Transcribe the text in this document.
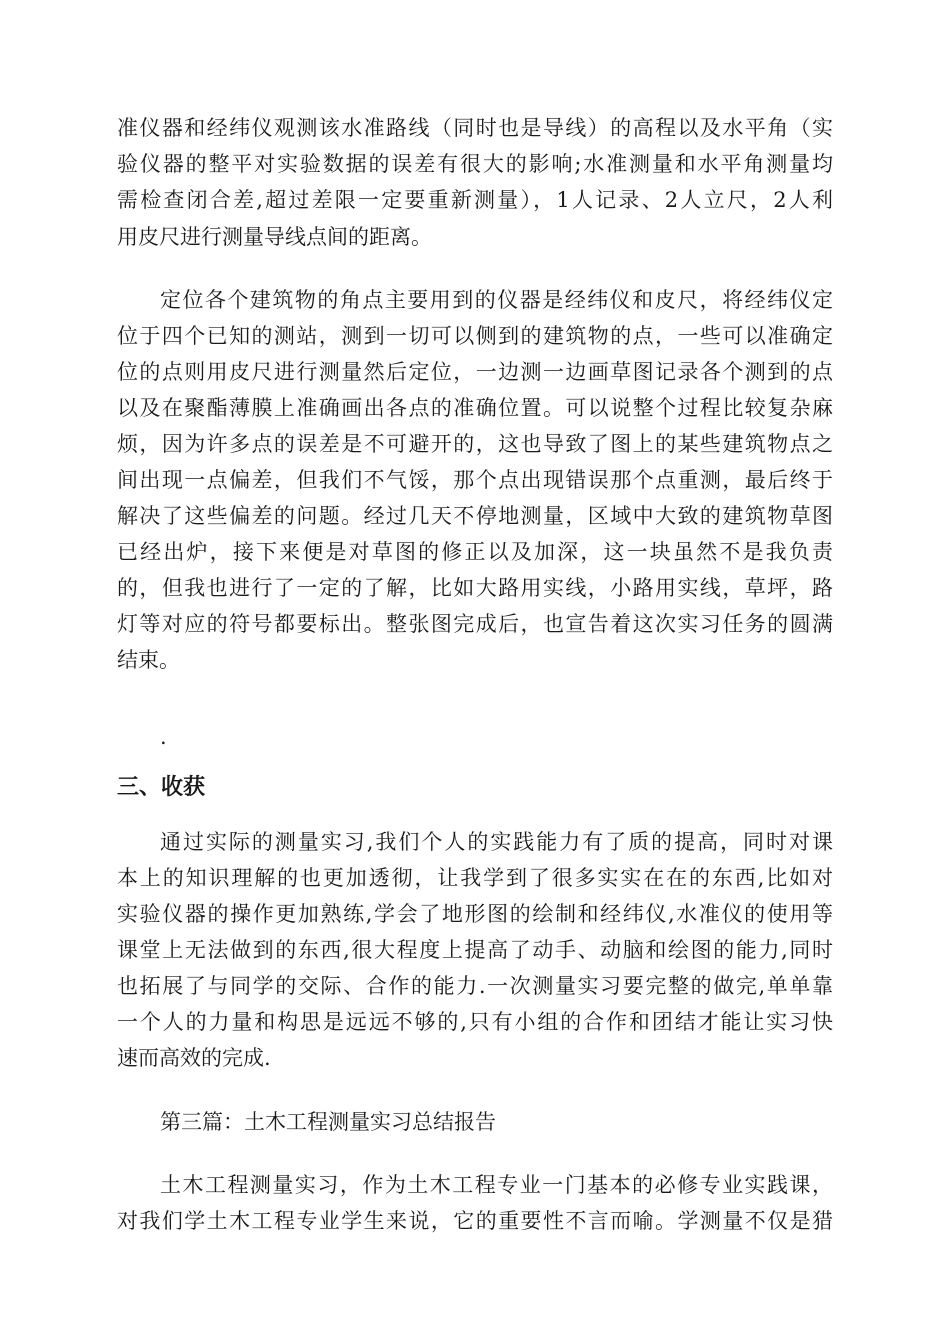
准仪器和经纬仪观测该水准路线（同时也是导线）的高程以及水平角（实
验仪器的整平对实验数据的误差有很大的影响;水准测量和水平角测量均
需检查闭合差,超过差限一定要重新测量），1人记录、2人立尺，2人利
用皮尺进行测量导线点间的距离。
定位各个建筑物的角点主要用到的仪器是经纬仪和皮尺，将经纬仪定
位于四个已知的测站，测到一切可以侧到的建筑物的点，一些可以准确定
位的点则用皮尺进行测量然后定位，一边测一边画草图记录各个测到的点
以及在聚酯薄膜上准确画出各点的准确位置。可以说整个过程比较复杂麻
烦，因为许多点的误差是不可避开的，这也导致了图上的某些建筑物点之
间出现一点偏差，但我们不气馁，那个点出现错误那个点重测，最后终于
解决了这些偏差的问题。经过几天不停地测量，区域中大致的建筑物草图
已经出炉，接下来便是对草图的修正以及加深，这一块虽然不是我负责
的，但我也进行了一定的了解，比如大路用实线，小路用实线，草坪，路
灯等对应的符号都要标出。整张图完成后，也宣告着这次实习任务的圆满
结束。
.
三、收获
通过实际的测量实习,我们个人的实践能力有了质的提高，同时对课
本上的知识理解的也更加透彻，让我学到了很多实实在在的东西,比如对
实验仪器的操作更加熟练,学会了地形图的绘制和经纬仪,水准仪的使用等
课堂上无法做到的东西,很大程度上提高了动手、动脑和绘图的能力,同时
也拓展了与同学的交际、合作的能力.一次测量实习要完整的做完,单单靠
一个人的力量和构思是远远不够的,只有小组的合作和团结才能让实习快
速而高效的完成.
第三篇：土木工程测量实习总结报告
土木工程测量实习，作为土木工程专业一门基本的必修专业实践课，
对我们学土木工程专业学生来说，它的重要性不言而喻。学测量不仅是猎
